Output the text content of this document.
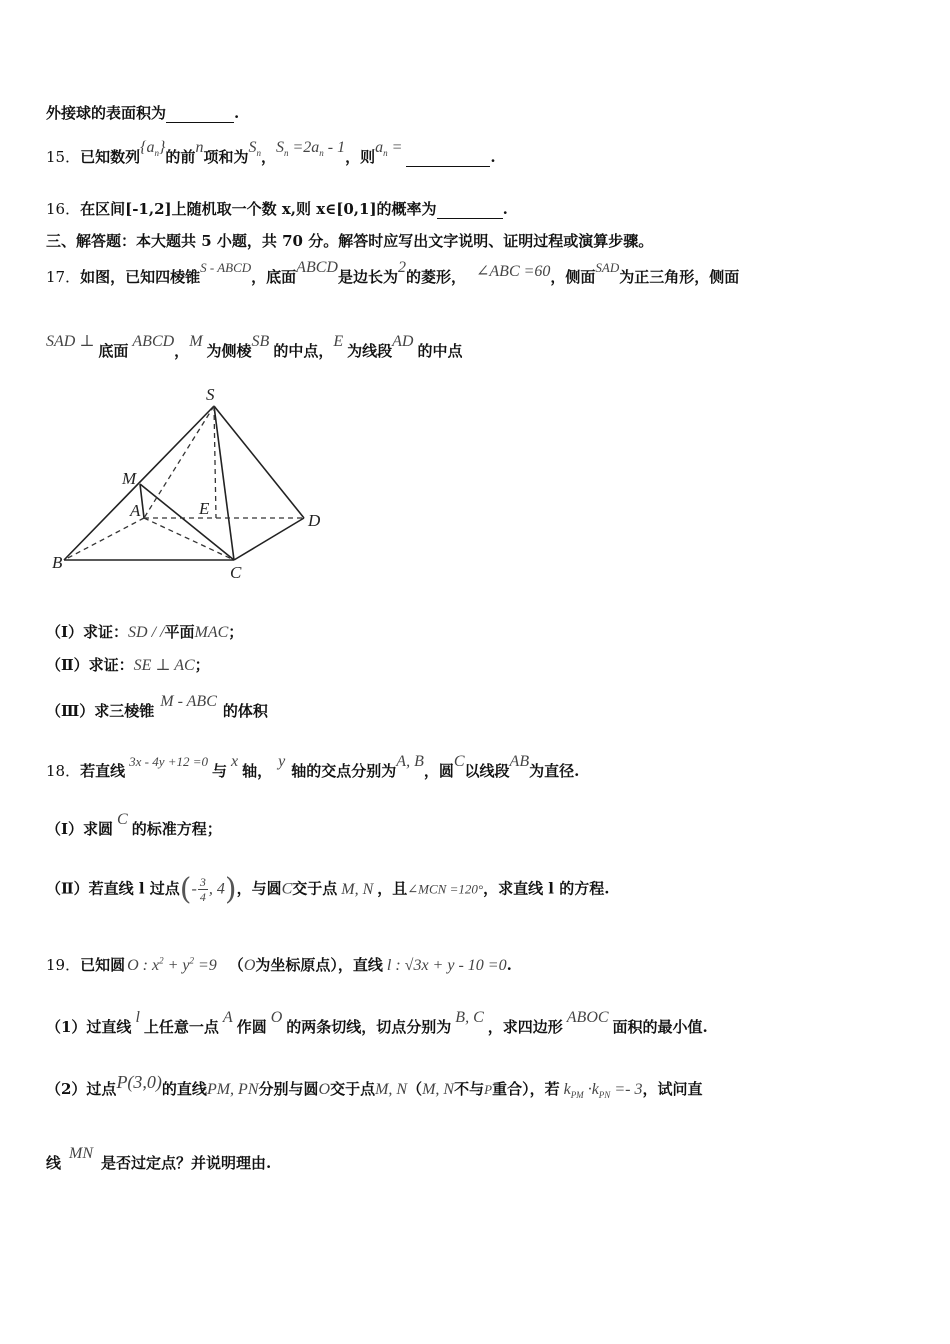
外接球的表面积为	.
15．已知数列$\{a_n\}$的前n项和为$S_n$，$S_n =2a_n - 1$，则$a_n$ = .
16．在区间[-1,2]上随机取一个数 x,则 x∈[0,1]的概率为	.
三、解答题：本大题共 5 小题，共 70 分。解答时应写出文字说明、证明过程或演算步骤。
17．如图，已知四棱锥S - ABCD，底面ABCD是边长为2的菱形， ∠ABC =60，侧面SAD为正三角形，侧面
SAD ⊥底面ABCD，M为侧棱SB的中点，E为线段AD的中点
S
M
A	E
D
B
C
（Ⅰ）求证：SD / /平面MAC；
（Ⅱ）求证：SE ⊥ AC；
（Ⅲ）求三棱锥M - ABC的体积
18．若直线3x - 4y +12 =0与x轴，y轴的交点分别为A, B，圆C以线段AB为直径.
（Ⅰ）求圆C的标准方程；
（Ⅱ）若直线 l 过点(- $\frac{3}{4}$ , 4)，与圆C交于点 M, N ，且∠MCN =120°，求直线 l 的方程.
19．已知圆 O : $x^2 + y^2 =9$ （O为坐标原点），直线 l : √3x + y - 10 =0.
（1）过直线l上任意一点A作圆O的两条切线，切点分别为B, C，求四边形ABOC面积的最小值.
（2）过点P(3,0)的直线PM, PN分别与圆O交于点M, N（M, N不与P重合），若 $k_{PM} \cdot k_{PN} =- 3$，试问直
线MN是否过定点？并说明理由.
